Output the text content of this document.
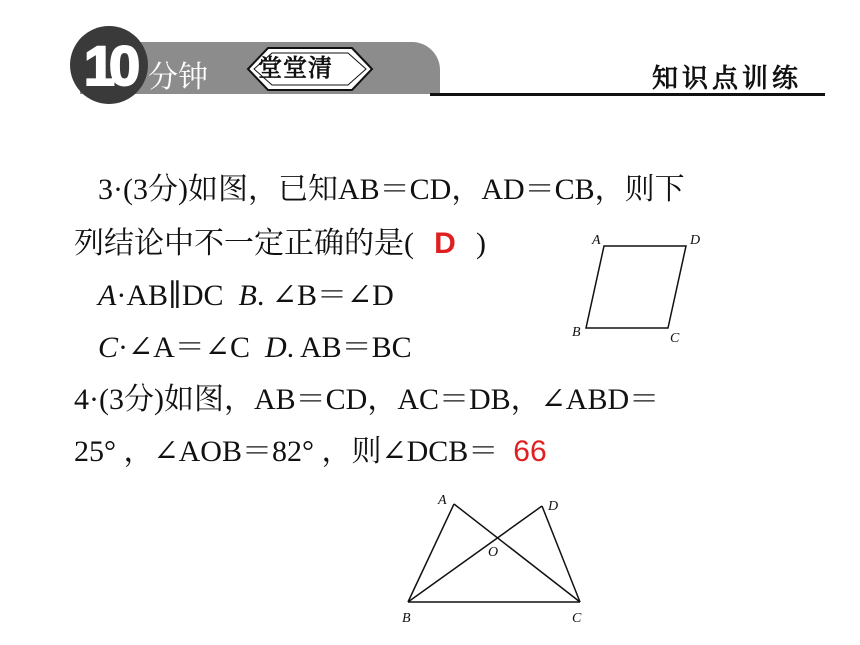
10 分钟 堂堂清	知识点训练
3·(3分)如图，已知AB＝CD，AD＝CB，则下
列结论中不一定正确的是( D )
A·AB∥DC B. ∠B＝∠D
C·∠A＝∠C D. AB＝BC
A	D
B	C
4·(3分)如图，AB＝CD，AC＝DB，∠ABD＝
25° ，∠AOB＝82° ，则∠DCB＝ 66
A	D
O
B	C
